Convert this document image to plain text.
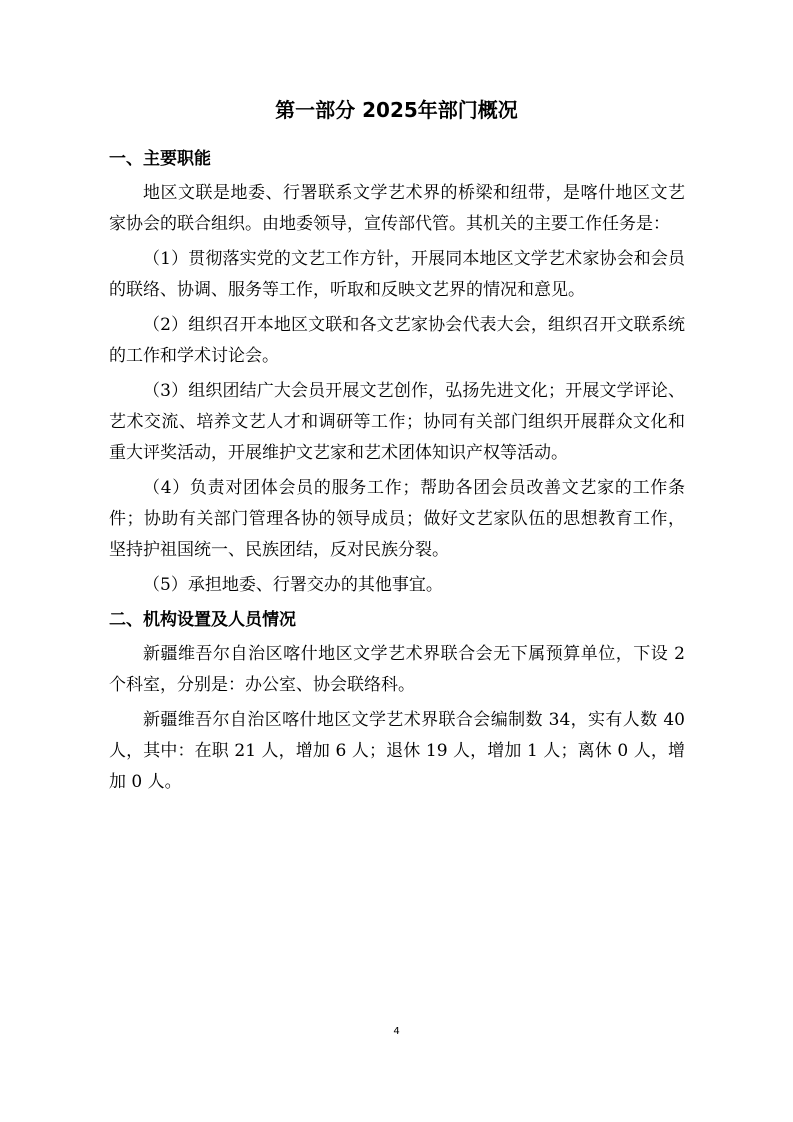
第一部分 2025年部门概况
一、主要职能

地区文联是地委、行署联系文学艺术界的桥梁和纽带，是喀什地区文艺家协会的联合组织。由地委领导，宣传部代管。其机关的主要工作任务是：

（1）贯彻落实党的文艺工作方针，开展同本地区文学艺术家协会和会员的联络、协调、服务等工作，听取和反映文艺界的情况和意见。

（2）组织召开本地区文联和各文艺家协会代表大会，组织召开文联系统的工作和学术讨论会。

（3）组织团结广大会员开展文艺创作，弘扬先进文化；开展文学评论、艺术交流、培养文艺人才和调研等工作；协同有关部门组织开展群众文化和重大评奖活动，开展维护文艺家和艺术团体知识产权等活动。

（4）负责对团体会员的服务工作；帮助各团会员改善文艺家的工作条件；协助有关部门管理各协的领导成员；做好文艺家队伍的思想教育工作，坚持护祖国统一、民族团结，反对民族分裂。

（5）承担地委、行署交办的其他事宜。

二、机构设置及人员情况

新疆维吾尔自治区喀什地区文学艺术界联合会无下属预算单位，下设 2 个科室，分别是：办公室、协会联络科。

新疆维吾尔自治区喀什地区文学艺术界联合会编制数 34，实有人数 40 人，其中：在职 21 人，增加 6 人；退休 19 人，增加 1 人；离休 0 人，增加 0 人。

4
